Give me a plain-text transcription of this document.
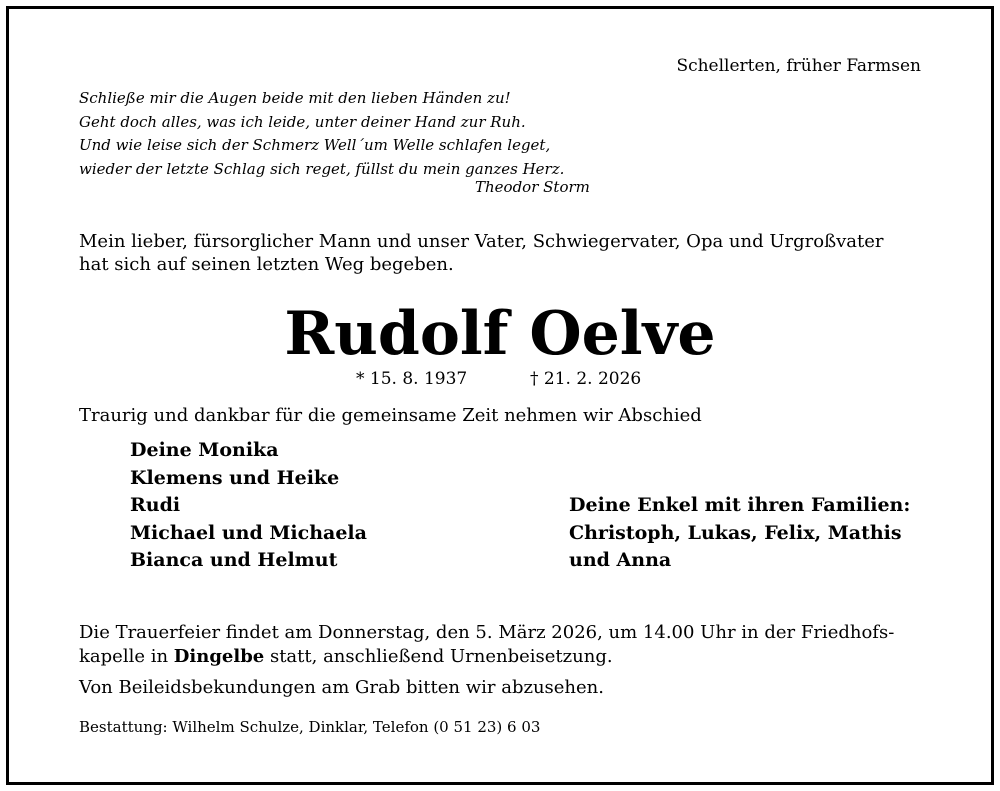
Schellerten, früher Farmsen
Schließe mir die Augen beide mit den lieben Händen zu!
Geht doch alles, was ich leide, unter deiner Hand zur Ruh.
Und wie leise sich der Schmerz Well´um Welle schlafen leget,
wieder der letzte Schlag sich reget, füllst du mein ganzes Herz.
Theodor Storm
Mein lieber, fürsorglicher Mann und unser Vater, Schwiegervater, Opa und Urgroßvater
hat sich auf seinen letzten Weg begeben.
Rudolf Oelve
* 15. 8. 1937	† 21. 2. 2026
Traurig und dankbar für die gemeinsame Zeit nehmen wir Abschied
Deine Monika
Klemens und Heike
Rudi
Michael und Michaela
Bianca und Helmut
Deine Enkel mit ihren Familien:
Christoph, Lukas, Felix, Mathis
und Anna
Die Trauerfeier findet am Donnerstag, den 5. März 2026, um 14.00 Uhr in der Friedhofs-
kapelle in Dingelbe statt, anschließend Urnenbeisetzung.
Von Beileidsbekundungen am Grab bitten wir abzusehen.
Bestattung: Wilhelm Schulze, Dinklar, Telefon (0 51 23) 6 03
